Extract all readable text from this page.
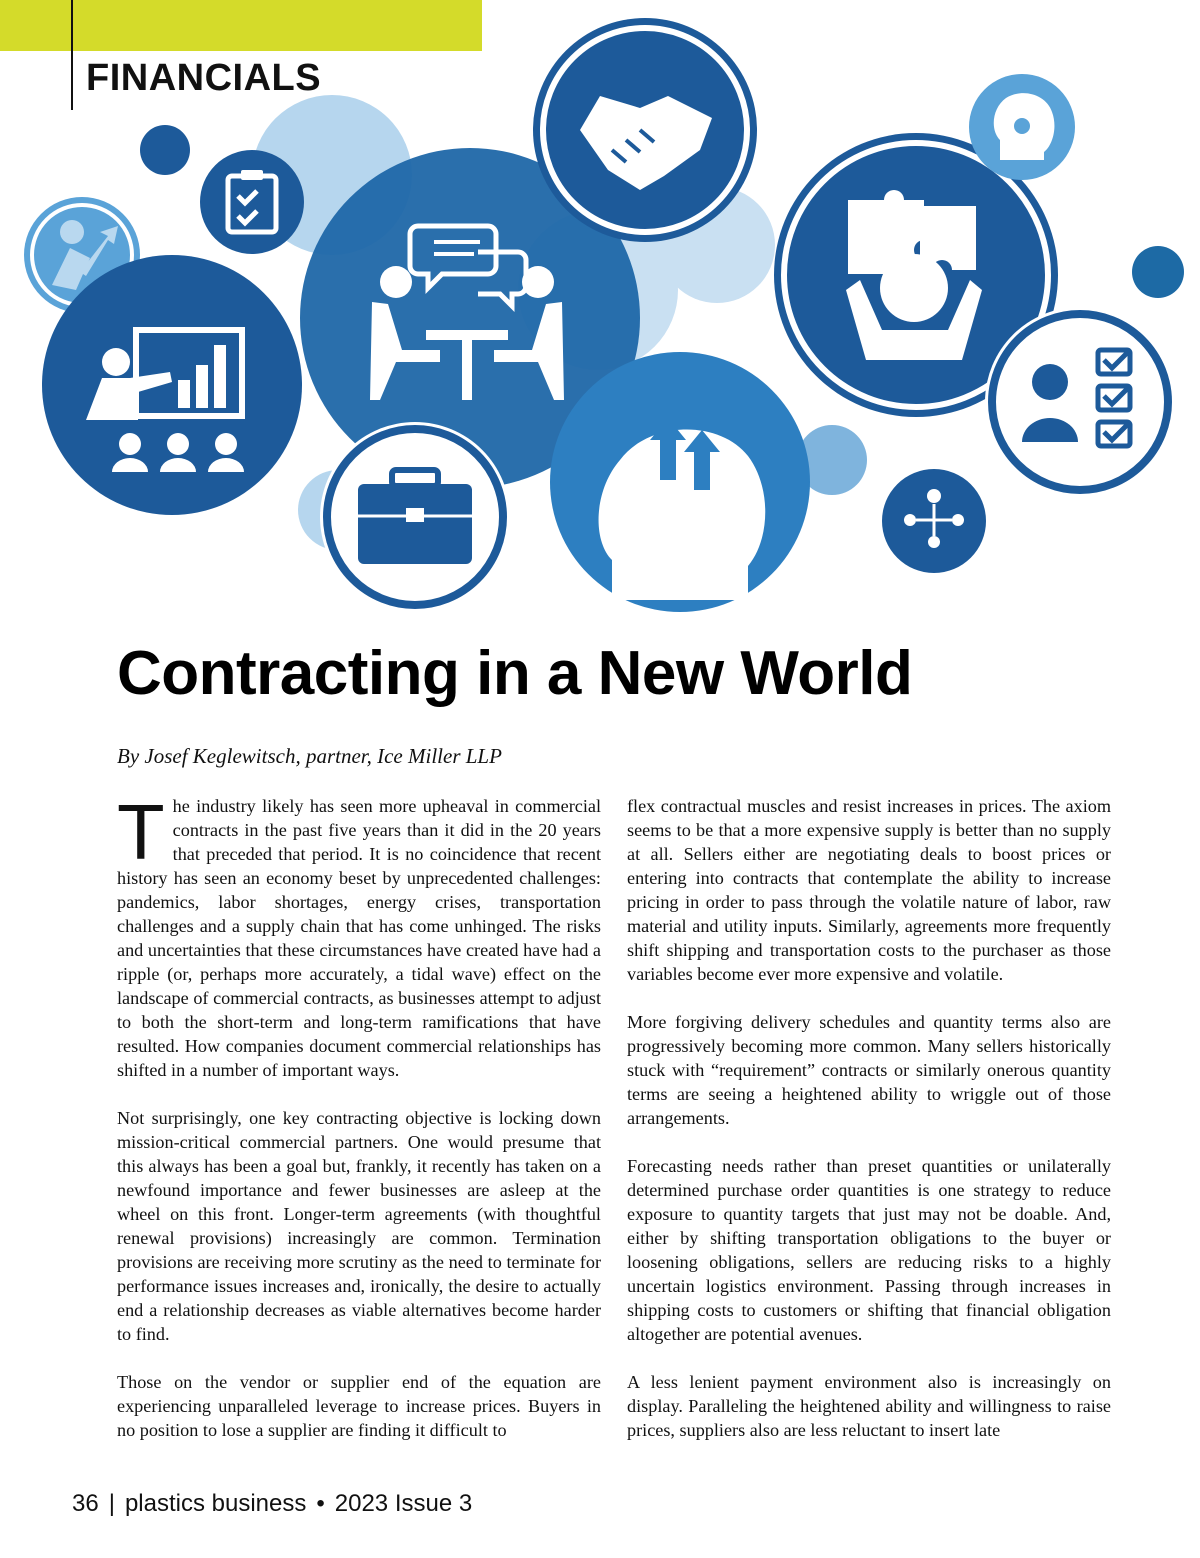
FINANCIALS
Contracting in a New World

By Josef Keglewitsch, partner, Ice Miller LLP

The industry likely has seen more upheaval in commercial contracts in the past five years than it did in the 20 years that preceded that period. It is no coincidence that recent history has seen an economy beset by unprecedented challenges: pandemics, labor shortages, energy crises, transportation challenges and a supply chain that has come unhinged. The risks and uncertainties that these circumstances have created have had a ripple (or, perhaps more accurately, a tidal wave) effect on the landscape of commercial contracts, as businesses attempt to adjust to both the short-term and long-term ramifications that have resulted. How companies document commercial relationships has shifted in a number of important ways.

Not surprisingly, one key contracting objective is locking down mission-critical commercial partners. One would presume that this always has been a goal but, frankly, it recently has taken on a newfound importance and fewer businesses are asleep at the wheel on this front. Longer-term agreements (with thoughtful renewal provisions) increasingly are common. Termination provisions are receiving more scrutiny as the need to terminate for performance issues increases and, ironically, the desire to actually end a relationship decreases as viable alternatives become harder to find.

Those on the vendor or supplier end of the equation are experiencing unparalleled leverage to increase prices. Buyers in no position to lose a supplier are finding it difficult to

flex contractual muscles and resist increases in prices. The axiom seems to be that a more expensive supply is better than no supply at all. Sellers either are negotiating deals to boost prices or entering into contracts that contemplate the ability to increase pricing in order to pass through the volatile nature of labor, raw material and utility inputs. Similarly, agreements more frequently shift shipping and transportation costs to the purchaser as those variables become ever more expensive and volatile.

More forgiving delivery schedules and quantity terms also are progressively becoming more common. Many sellers historically stuck with “requirement” contracts or similarly onerous quantity terms are seeing a heightened ability to wriggle out of those arrangements.

Forecasting needs rather than preset quantities or unilaterally determined purchase order quantities is one strategy to reduce exposure to quantity targets that just may not be doable. And, either by shifting transportation obligations to the buyer or loosening obligations, sellers are reducing risks to a highly uncertain logistics environment. Passing through increases in shipping costs to customers or shifting that financial obligation altogether are potential avenues.

A less lenient payment environment also is increasingly on display. Paralleling the heightened ability and willingness to raise prices, suppliers also are less reluctant to insert late

36 | plastics business • 2023 Issue 3
